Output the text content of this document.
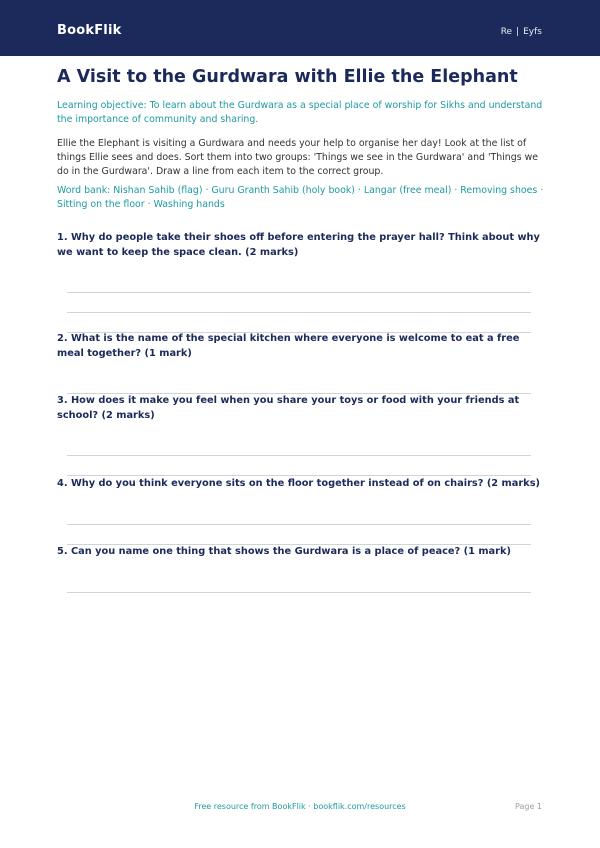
BookFlik	Re | Eyfs
A Visit to the Gurdwara with Ellie the Elephant
Learning objective: To learn about the Gurdwara as a special place of worship for Sikhs and understand the importance of community and sharing.
Ellie the Elephant is visiting a Gurdwara and needs your help to organise her day! Look at the list of things Ellie sees and does. Sort them into two groups: 'Things we see in the Gurdwara' and 'Things we do in the Gurdwara'. Draw a line from each item to the correct group.
Word bank: Nishan Sahib (flag) · Guru Granth Sahib (holy book) · Langar (free meal) · Removing shoes · Sitting on the floor · Washing hands
1. Why do people take their shoes off before entering the prayer hall? Think about why we want to keep the space clean. (2 marks)
2. What is the name of the special kitchen where everyone is welcome to eat a free meal together? (1 mark)
3. How does it make you feel when you share your toys or food with your friends at school? (2 marks)
4. Why do you think everyone sits on the floor together instead of on chairs? (2 marks)
5. Can you name one thing that shows the Gurdwara is a place of peace? (1 mark)
Free resource from BookFlik · bookflik.com/resources	Page 1
